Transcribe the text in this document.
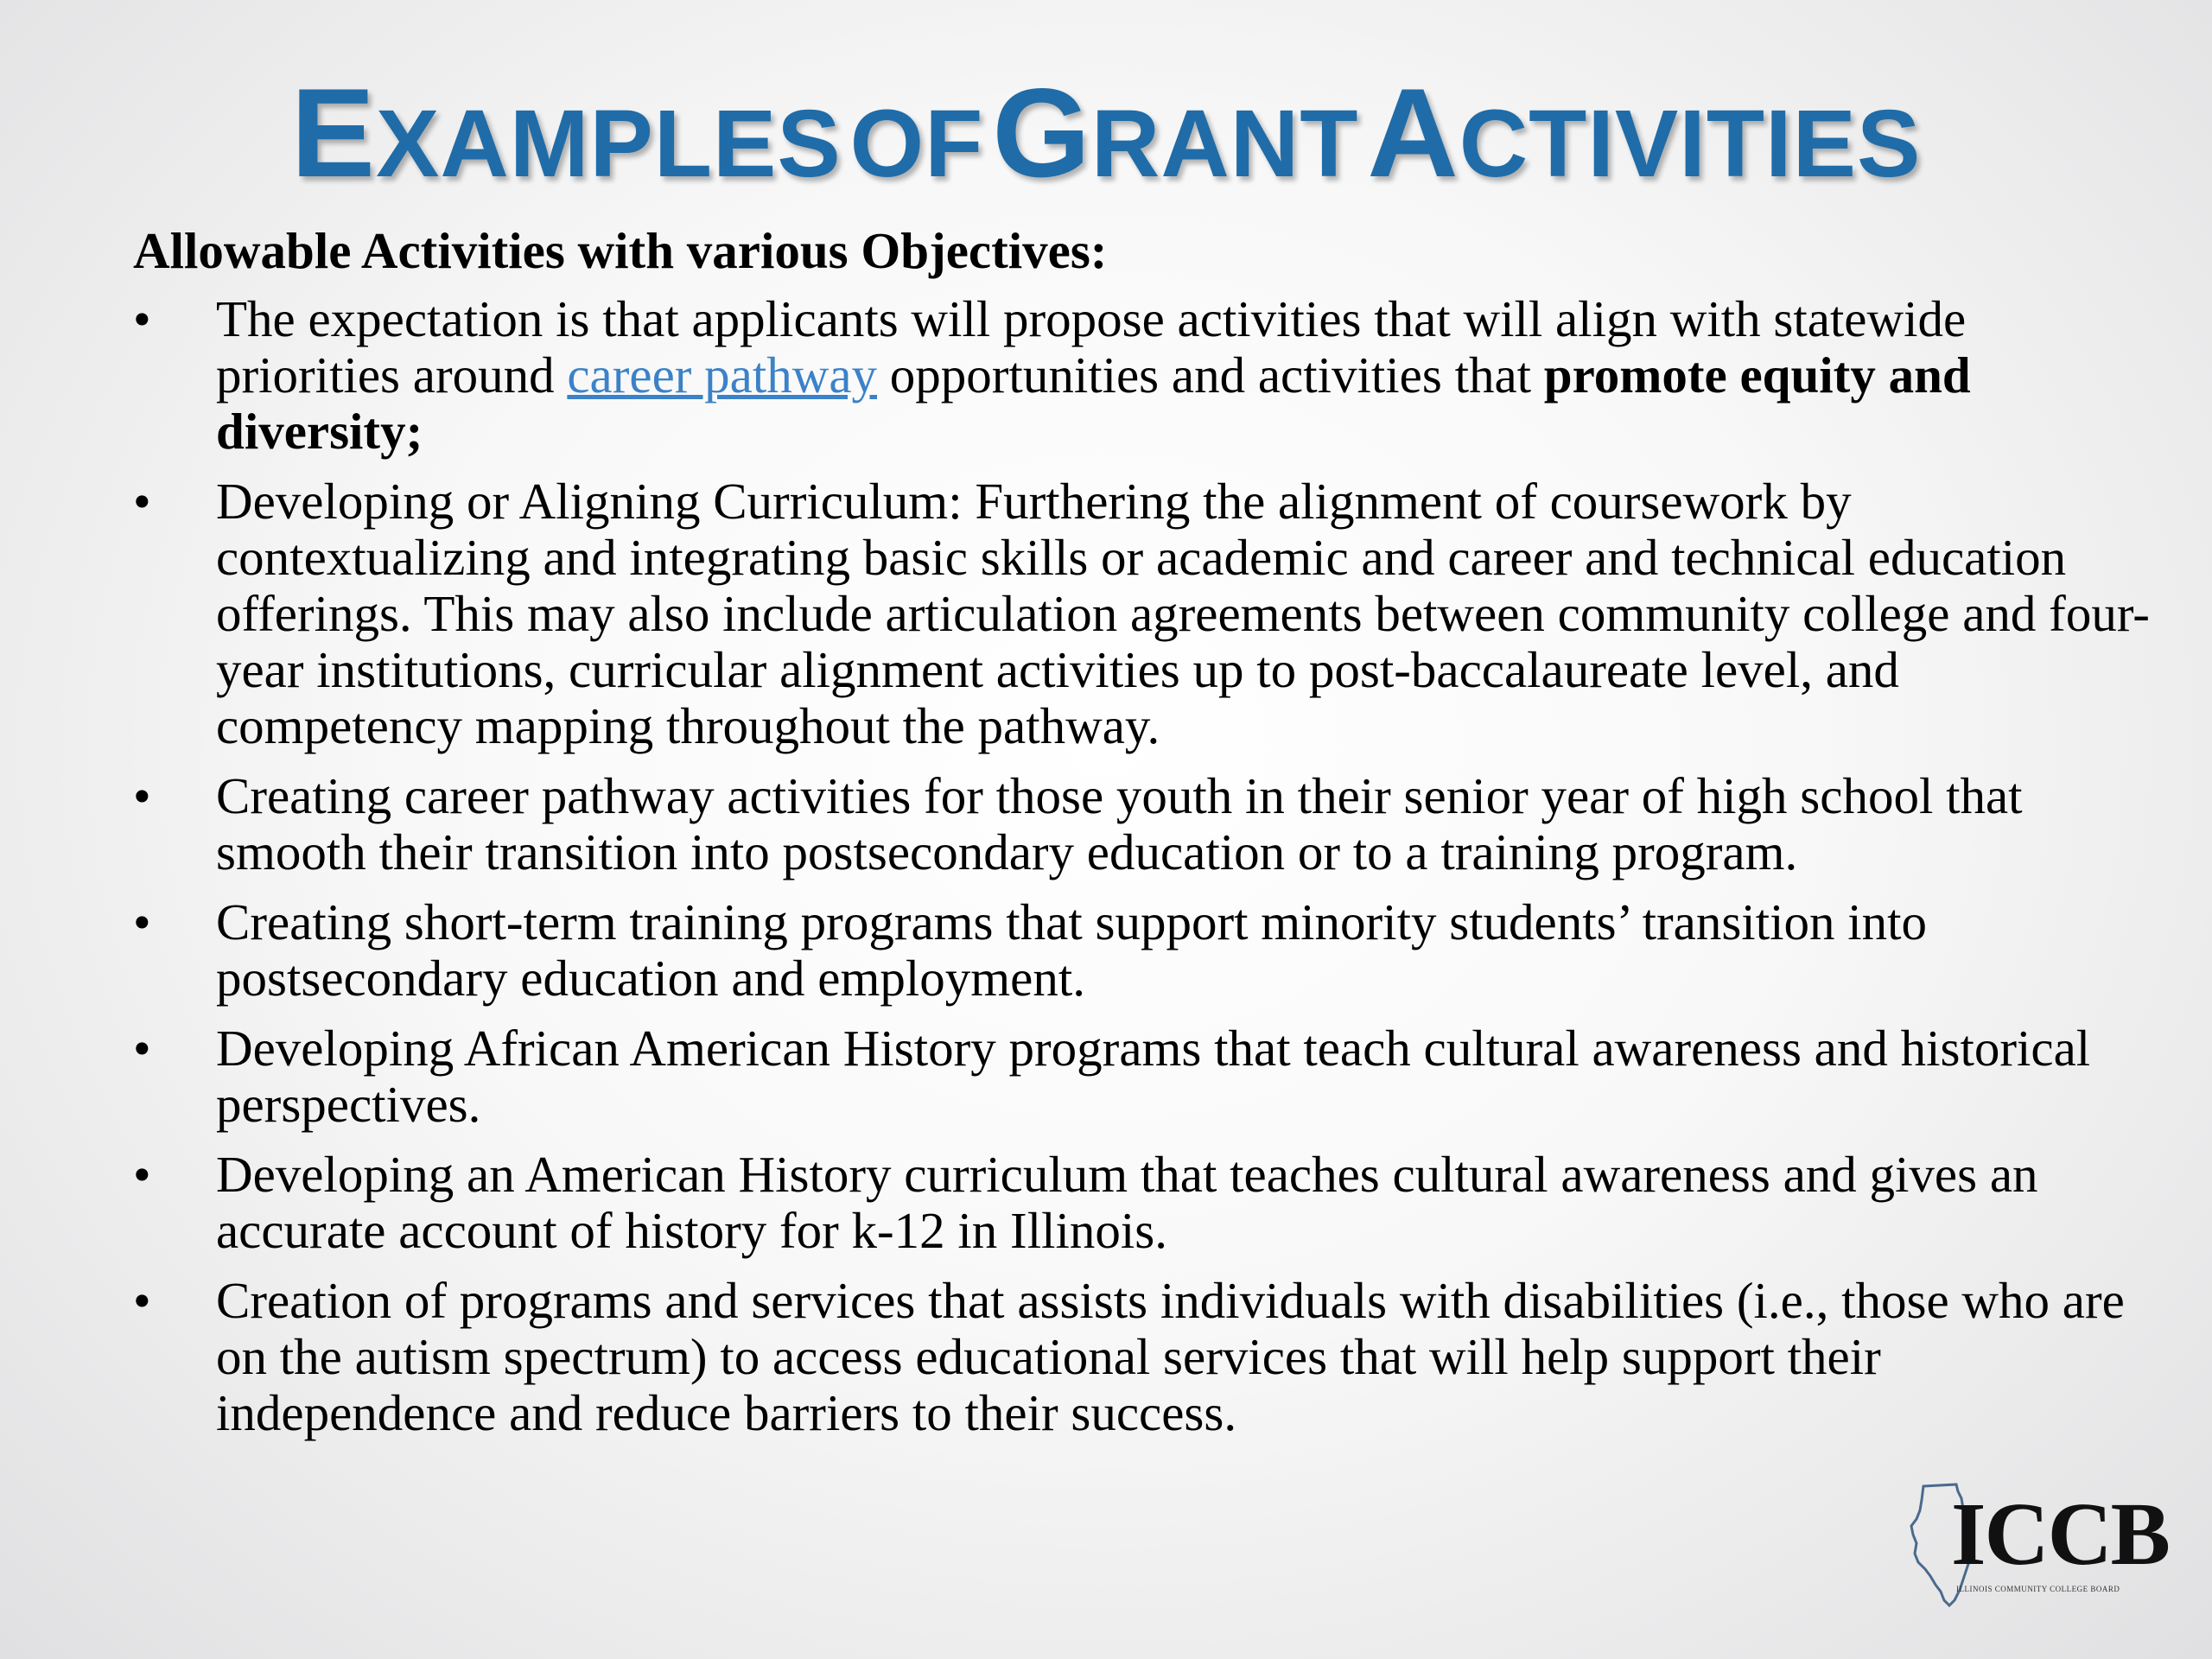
EXAMPLES OF GRANT ACTIVITIES
Allowable Activities with various Objectives:
• The expectation is that applicants will propose activities that will align with statewide priorities around career pathway opportunities and activities that promote equity and diversity;
• Developing or Aligning Curriculum: Furthering the alignment of coursework by contextualizing and integrating basic skills or academic and career and technical education offerings. This may also include articulation agreements between community college and four-year institutions, curricular alignment activities up to post-baccalaureate level, and competency mapping throughout the pathway.
• Creating career pathway activities for those youth in their senior year of high school that smooth their transition into postsecondary education or to a training program.
• Creating short-term training programs that support minority students’ transition into postsecondary education and employment.
• Developing African American History programs that teach cultural awareness and historical perspectives.
• Developing an American History curriculum that teaches cultural awareness and gives an accurate account of history for k-12 in Illinois.
• Creation of programs and services that assists individuals with disabilities (i.e., those who are on the autism spectrum) to access educational services that will help support their independence and reduce barriers to their success.
ICCB
ILLINOIS COMMUNITY COLLEGE BOARD
